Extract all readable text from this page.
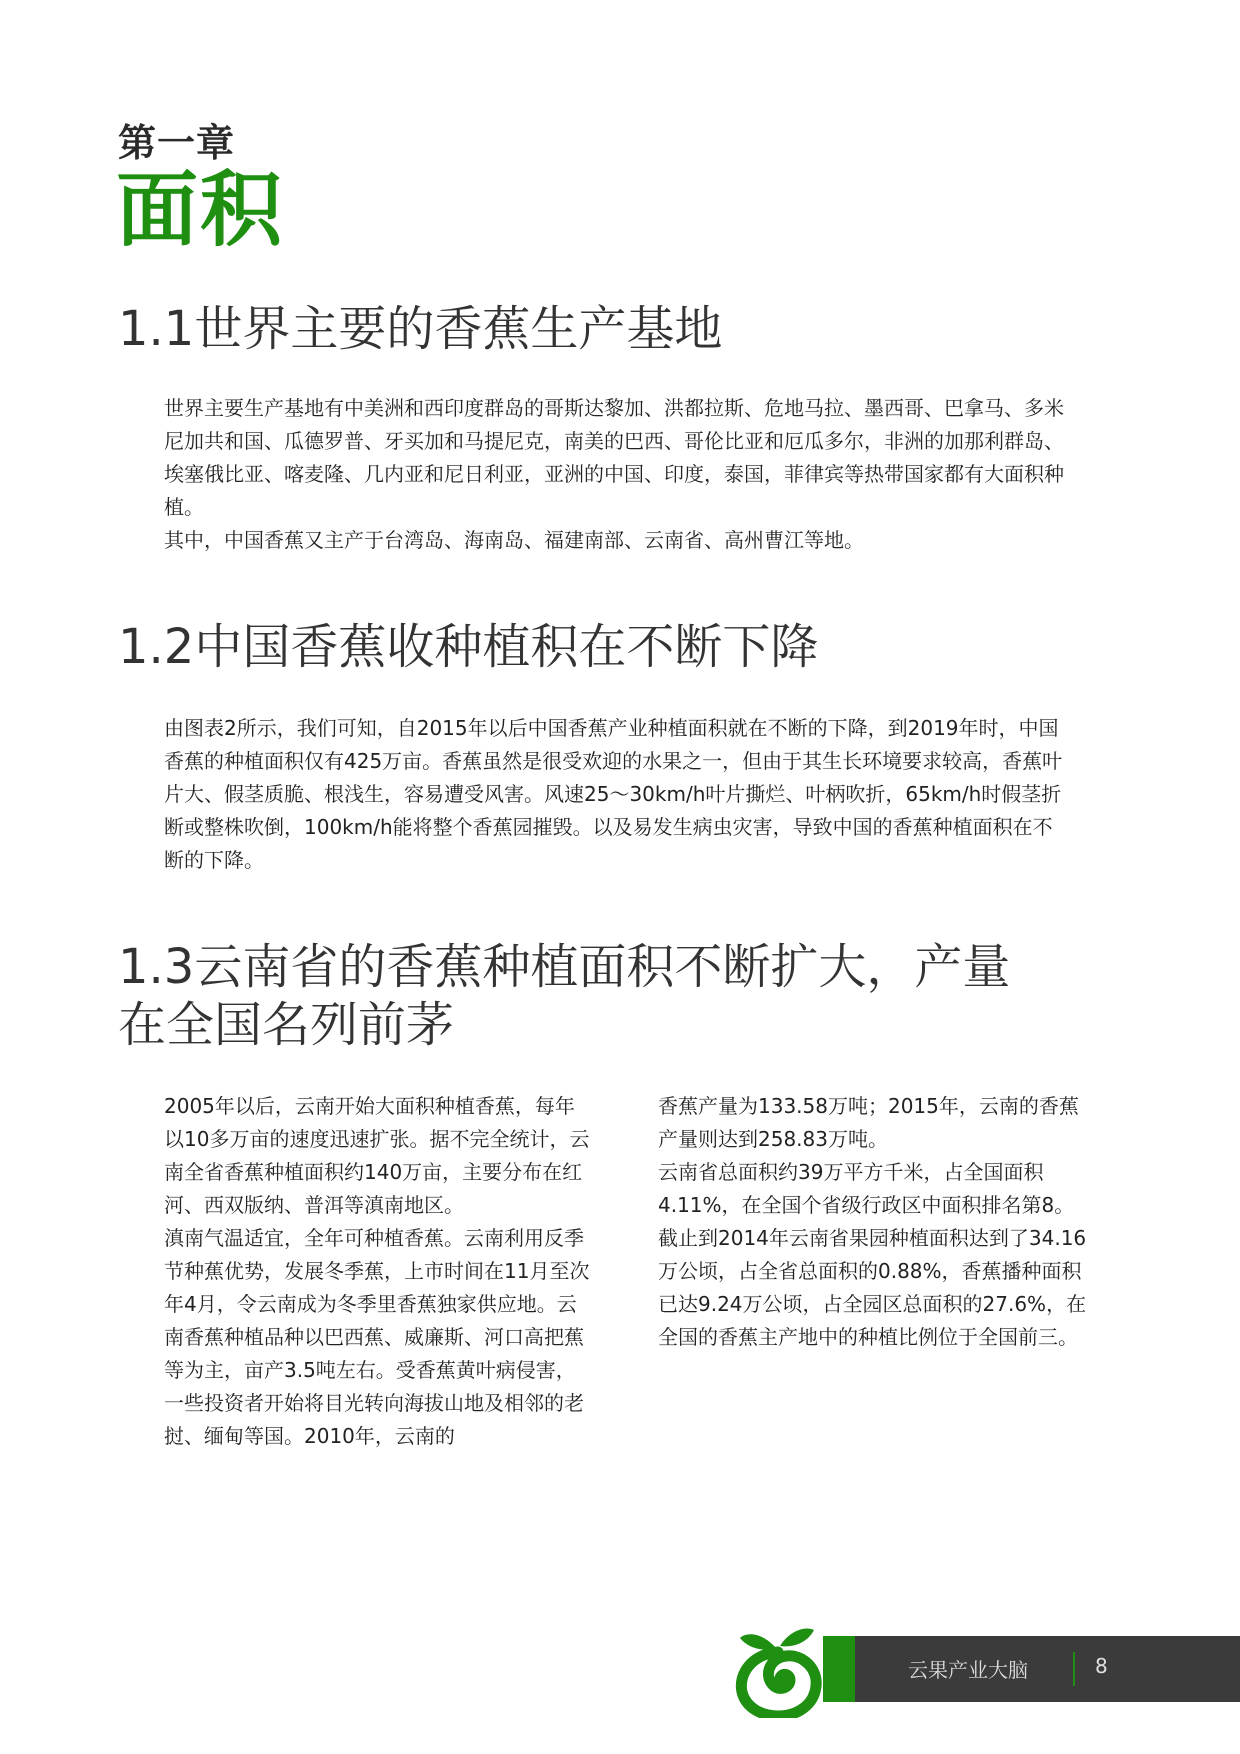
第一章
面积
1.1世界主要的香蕉生产基地

世界主要生产基地有中美洲和西印度群岛的哥斯达黎加、洪都拉斯、危地马拉、墨西哥、巴拿马、多米尼加共和国、瓜德罗普、牙买加和马提尼克，南美的巴西、哥伦比亚和厄瓜多尔，非洲的加那利群岛、埃塞俄比亚、喀麦隆、几内亚和尼日利亚，亚洲的中国、印度，泰国，菲律宾等热带国家都有大面积种植。

其中，中国香蕉又主产于台湾岛、海南岛、福建南部、云南省、高州曹江等地。

1.2中国香蕉收种植积在不断下降

由图表2所示，我们可知，自2015年以后中国香蕉产业种植面积就在不断的下降，到2019年时，中国香蕉的种植面积仅有425万亩。香蕉虽然是很受欢迎的水果之一，但由于其生长环境要求较高，香蕉叶片大、假茎质脆、根浅生，容易遭受风害。风速25～30km/h叶片撕烂、叶柄吹折，65km/h时假茎折断或整株吹倒，100km/h能将整个香蕉园摧毁。以及易发生病虫灾害，导致中国的香蕉种植面积在不断的下降。

1.3云南省的香蕉种植面积不断扩大，产量在全国名列前茅

2005年以后，云南开始大面积种植香蕉，每年以10多万亩的速度迅速扩张。据不完全统计，云南全省香蕉种植面积约140万亩，主要分布在红河、西双版纳、普洱等滇南地区。

滇南气温适宜，全年可种植香蕉。云南利用反季节种蕉优势，发展冬季蕉，上市时间在11月至次年4月，令云南成为冬季里香蕉独家供应地。云南香蕉种植品种以巴西蕉、威廉斯、河口高把蕉等为主，亩产3.5吨左右。受香蕉黄叶病侵害，一些投资者开始将目光转向海拔山地及相邻的老挝、缅甸等国。2010年，云南的

香蕉产量为133.58万吨；2015年，云南的香蕉产量则达到258.83万吨。

云南省总面积约39万平方千米，占全国面积4.11%，在全国个省级行政区中面积排名第8。截止到2014年云南省果园种植面积达到了34.16万公顷，占全省总面积的0.88%，香蕉播种面积已达9.24万公顷，占全园区总面积的27.6%，在全国的香蕉主产地中的种植比例位于全国前三。

云果产业大脑	8
